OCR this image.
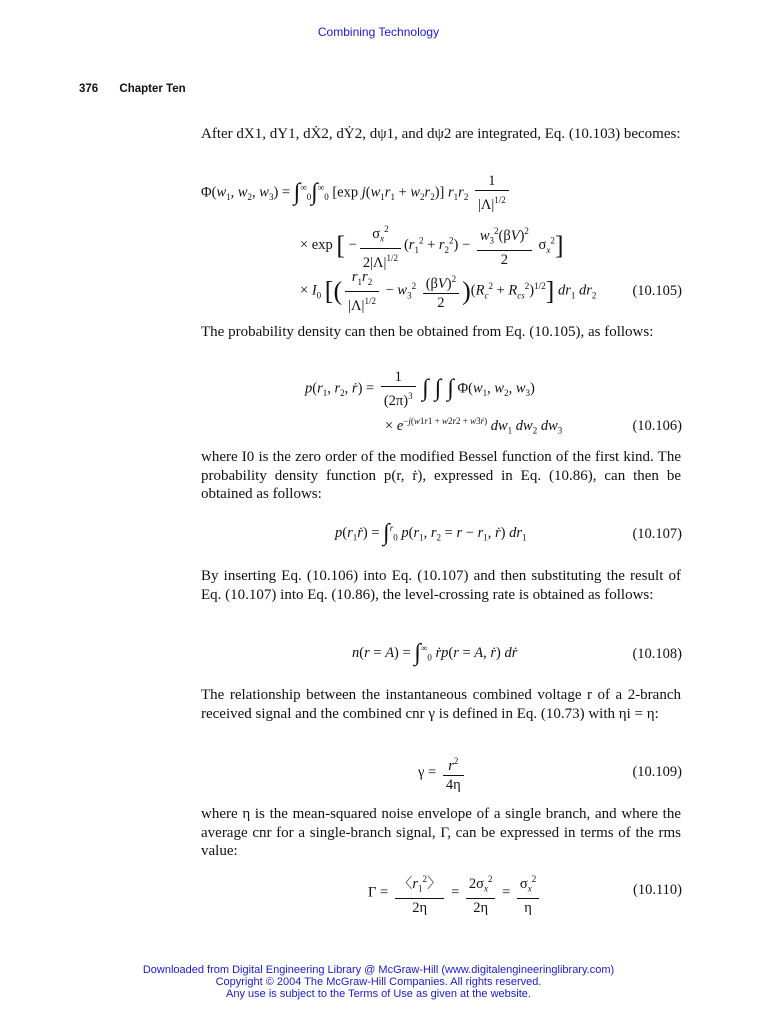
Combining Technology
376 Chapter Ten
After dX1, dY1, dẊ2, dẎ2, dψ1, and dψ2 are integrated, Eq. (10.103) becomes:
$\Phi(w_1$, $w_2$, $w_3) = \int^\infty_0\int^\infty_0$ [exp $j(w_1r_1 + w_2r_2)$] $r_1r_2 \frac{1}{|\Lambda|^{1/2}}$
× exp [ − $\frac{\sigma_x^2}{2|\Lambda|^{1/2}} (r_1^2 + r_2^2) - \frac{w_3^2(\beta V)^2}{2} \sigma_x^2$]
× $I_0$ [( $\frac{r_1r_2}{|\Lambda|^{1/2}} - w_3^2 \frac{(\beta V)^2}{2} )(R_c^2 + R_{cs}^2)^{1/2}$] $dr_1$ $dr_2$ (10.105)
The probability density can then be obtained from Eq. (10.105), as follows:
$p(r_1$, $r_2$, ṙ) = $\frac{1}{(2\pi)^3}$ ∫ ∫ ∫ $\Phi(w_1$, $w_2$, $w_3$)
× $e^{-j(w1r1 + w2r2 + w3ṙ)}$ $dw_1$ $dw_2$ $dw_3$	(10.106)
where I0 is the zero order of the modified Bessel function of the first kind. The probability density function p(r, ṙ), expressed in Eq. (10.86), can then be obtained as follows:
$p(r_1ṙ) = \int^r_0$ $p(r_1$, $r_2 = r - r_1$, ṙ) $dr_1$	(10.107)
By inserting Eq. (10.106) into Eq. (10.107) and then substituting the result of Eq. (10.107) into Eq. (10.86), the level-crossing rate is obtained as follows:
$n(r = A) = \int^\infty_0$ ṙp(r = A, ṙ) dṙ	(10.108)
The relationship between the instantaneous combined voltage r of a 2-branch received signal and the combined cnr γ is defined in Eq. (10.73) with ηi = η:
$\gamma = \frac{r^2}{4\eta}$	(10.109)
where η is the mean-squared noise envelope of a single branch, and where the average cnr for a single-branch signal, Γ, can be expressed in terms of the rms value:
$\Gamma = \frac{〈r_1^2〉}{2\eta} = \frac{2\sigma_x^2}{2\eta} = \frac{\sigma_x^2}{\eta}$	(10.110)
Downloaded from Digital Engineering Library @ McGraw-Hill (www.digitalengineeringlibrary.com)
Copyright © 2004 The McGraw-Hill Companies. All rights reserved.
Any use is subject to the Terms of Use as given at the website.
